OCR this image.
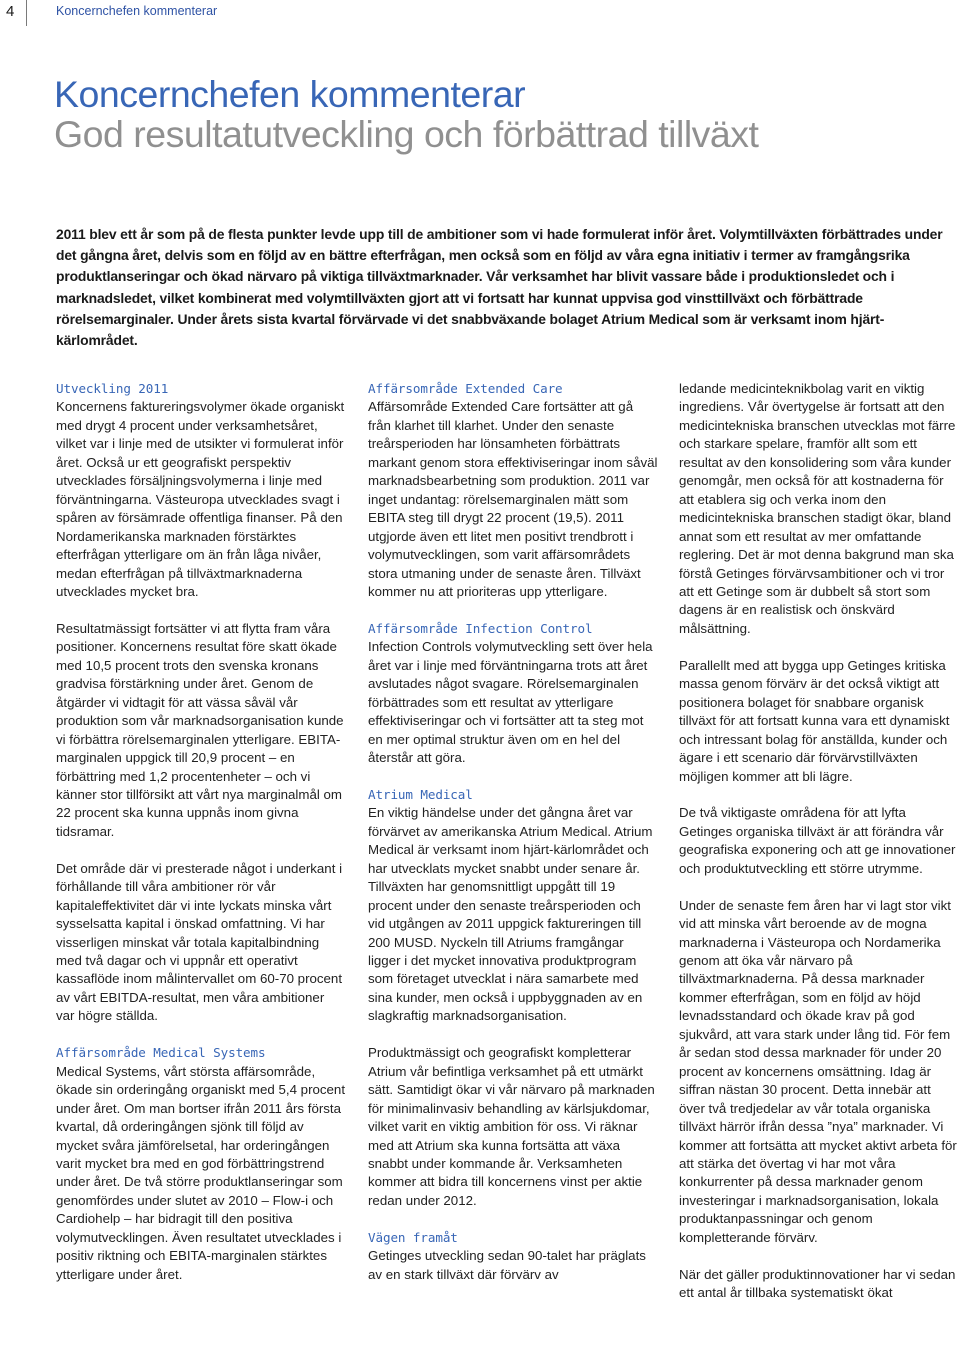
4	Koncernchefen kommenterar
Koncernchefen kommenterar
God resultatutveckling och förbättrad tillväxt

2011 blev ett år som på de flesta punkter levde upp till de ambitioner som vi hade formulerat inför året. Volymtillväxten förbättrades under det gångna året, delvis som en följd av en bättre efterfrågan, men också som en följd av våra egna initiativ i termer av framgångsrika produktlanseringar och ökad närvaro på viktiga tillväxtmarknader. Vår verksamhet har blivit vassare både i produktionsledet och i marknadsledet, vilket kombinerat med volymtillväxten gjort att vi fortsatt har kunnat uppvisa god vinsttillväxt och förbättrade rörelsemarginaler. Under årets sista kvartal förvärvade vi det snabbväxande bolaget Atrium Medical som är verksamt inom hjärt-kärlområdet.

Utveckling 2011

Koncernens faktureringsvolymer ökade organiskt med drygt 4 procent under verksamhetsåret, vilket var i linje med de utsikter vi formulerat inför året. Också ur ett geografiskt perspektiv utvecklades försäljningsvolymerna i linje med förväntningarna. Västeuropa utvecklades svagt i spåren av försämrade offentliga finanser. På den Nordamerikanska marknaden förstärktes efterfrågan ytterligare om än från låga nivåer, medan efterfrågan på tillväxtmarknaderna utvecklades mycket bra.

Resultatmässigt fortsätter vi att flytta fram våra positioner. Koncernens resultat före skatt ökade med 10,5 procent trots den svenska kronans gradvisa förstärkning under året. Genom de åtgärder vi vidtagit för att vässa såväl vår produktion som vår marknadsorganisation kunde vi förbättra rörelsemarginalen ytterligare. EBITA-marginalen uppgick till 20,9 procent – en förbättring med 1,2 procentenheter – och vi känner stor tillförsikt att vårt nya marginalmål om 22 procent ska kunna uppnås inom givna tidsramar.

Det område där vi presterade något i underkant i förhållande till våra ambitioner rör vår kapitaleffektivitet där vi inte lyckats minska vårt sysselsatta kapital i önskad omfattning. Vi har visserligen minskat vår totala kapitalbindning med två dagar och vi uppnår ett operativt kassaflöde inom målintervallet om 60-70 procent av vårt EBITDA-resultat, men våra ambitioner var högre ställda.

Affärsområde Medical Systems

Medical Systems, vårt största affärsområde, ökade sin orderingång organiskt med 5,4 procent under året. Om man bortser ifrån 2011 års första kvartal, då orderingången sjönk till följd av mycket svåra jämförelsetal, har orderingången varit mycket bra med en god förbättringstrend under året. De två större produktlanseringar som genomfördes under slutet av 2010 – Flow-i och Cardiohelp – har bidragit till den positiva volymutvecklingen. Även resultatet utvecklades i positiv riktning och EBITA-marginalen stärktes ytterligare under året.

Affärsområde Extended Care

Affärsområde Extended Care fortsätter att gå från klarhet till klarhet. Under den senaste treårsperioden har lönsamheten förbättrats markant genom stora effektiviseringar inom såväl marknadsbearbetning som produktion. 2011 var inget undantag: rörelsemarginalen mätt som EBITA steg till drygt 22 procent (19,5). 2011 utgjorde även ett litet men positivt trendbrott i volymutvecklingen, som varit affärsområdets stora utmaning under de senaste åren. Tillväxt kommer nu att prioriteras upp ytterligare.

Affärsområde Infection Control

Infection Controls volymutveckling sett över hela året var i linje med förväntningarna trots att året avslutades något svagare. Rörelsemarginalen förbättrades som ett resultat av ytterligare effektiviseringar och vi fortsätter att ta steg mot en mer optimal struktur även om en hel del återstår att göra.

Atrium Medical

En viktig händelse under det gångna året var förvärvet av amerikanska Atrium Medical. Atrium Medical är verksamt inom hjärt-kärlområdet och har utvecklats mycket snabbt under senare år. Tillväxten har genomsnittligt uppgått till 19 procent under den senaste treårsperioden och vid utgången av 2011 uppgick faktureringen till 200 MUSD. Nyckeln till Atriums framgångar ligger i det mycket innovativa produktprogram som företaget utvecklat i nära samarbete med sina kunder, men också i uppbyggnaden av en slagkraftig marknadsorganisation.

Produktmässigt och geografiskt kompletterar Atrium vår befintliga verksamhet på ett utmärkt sätt. Samtidigt ökar vi vår närvaro på marknaden för minimalinvasiv behandling av kärlsjukdomar, vilket varit en viktig ambition för oss. Vi räknar med att Atrium ska kunna fortsätta att växa snabbt under kommande år. Verksamheten kommer att bidra till koncernens vinst per aktie redan under 2012.

Vägen framåt

Getinges utveckling sedan 90-talet har präglats av en stark tillväxt där förvärv av

ledande medicinteknikbolag varit en viktig ingrediens. Vår övertygelse är fortsatt att den medicintekniska branschen utvecklas mot färre och starkare spelare, framför allt som ett resultat av den konsolidering som våra kunder genomgår, men också för att kostnaderna för att etablera sig och verka inom den medicintekniska branschen stadigt ökar, bland annat som ett resultat av mer omfattande reglering. Det är mot denna bakgrund man ska förstå Getinges förvärvsambitioner och vi tror att ett Getinge som är dubbelt så stort som dagens är en realistisk och önskvärd målsättning.

Parallellt med att bygga upp Getinges kritiska massa genom förvärv är det också viktigt att positionera bolaget för snabbare organisk tillväxt för att fortsatt kunna vara ett dynamiskt och intressant bolag för anställda, kunder och ägare i ett scenario där förvärvstillväxten möjligen kommer att bli lägre.

De två viktigaste områdena för att lyfta Getinges organiska tillväxt är att förändra vår geografiska exponering och att ge innovationer och produktutveckling ett större utrymme.

Under de senaste fem åren har vi lagt stor vikt vid att minska vårt beroende av de mogna marknaderna i Västeuropa och Nordamerika genom att öka vår närvaro på tillväxtmarknaderna. På dessa marknader kommer efterfrågan, som en följd av höjd levnadsstandard och ökade krav på god sjukvård, att vara stark under lång tid. För fem år sedan stod dessa marknader för under 20 procent av koncernens omsättning. Idag är siffran nästan 30 procent. Detta innebär att över två tredjedelar av vår totala organiska tillväxt härrör ifrån dessa ”nya” marknader. Vi kommer att fortsätta att mycket aktivt arbeta för att stärka det övertag vi har mot våra konkurrenter på dessa marknader genom investeringar i marknadsorganisation, lokala produktanpassningar och genom kompletterande förvärv.

När det gäller produktinnovationer har vi sedan ett antal år tillbaka systematiskt ökat
